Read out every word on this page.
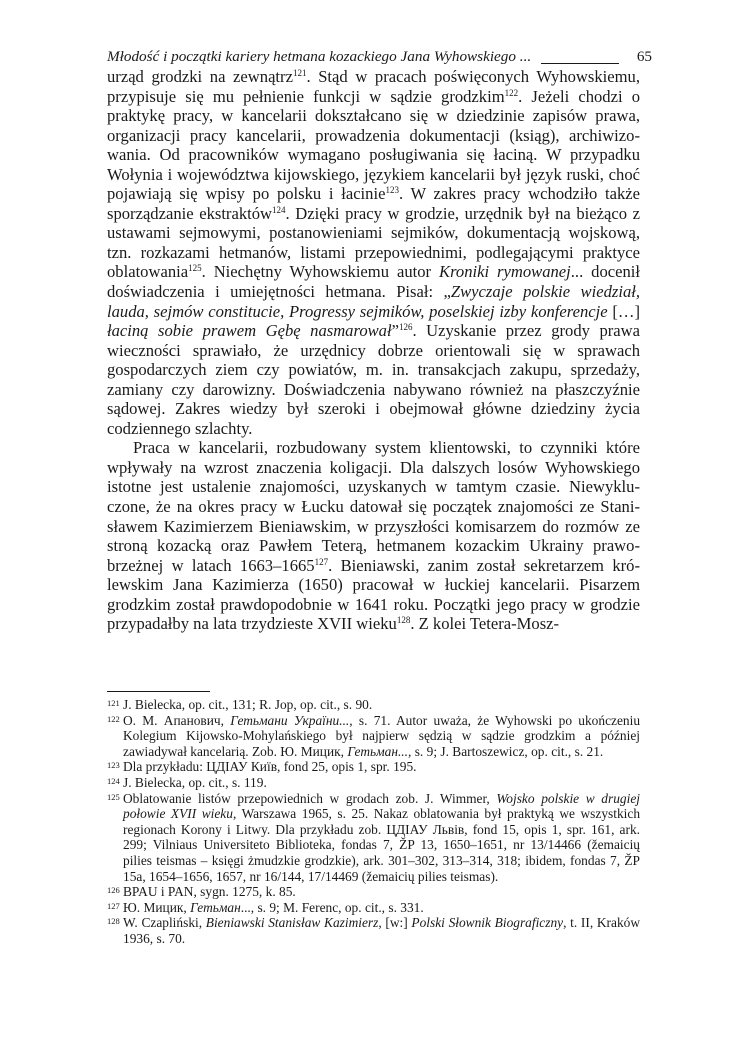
Młodość i początki kariery hetmana kozackiego Jana Wyhowskiego ...	65

urząd grodzki na zewnątrz$^{121}$. Stąd w pracach poświęconych Wyhowskiemu, przypisuje się mu pełnienie funkcji w sądzie grodzkim$^{122}$. Jeżeli chodzi o praktykę pracy, w kancelarii dokształcano się w dziedzinie zapisów prawa, organizacji pracy kancelarii, prowadzenia dokumentacji (ksiąg), archiwizowania. Od pracowników wymagano posługiwania się łaciną. W przypadku Wołynia i województwa kijowskiego, językiem kancelarii był język ruski, choć pojawiają się wpisy po polsku i łacinie$^{123}$. W zakres pracy wchodziło także sporządzanie ekstraktów$^{124}$. Dzięki pracy w grodzie, urzędnik był na bieżąco z ustawami sejmowymi, postanowieniami sejmików, dokumentacją wojskową, tzn. rozkazami hetmanów, listami przepowiednimi, podlegającymi praktyce oblatowania$^{125}$. Niechętny Wyhowskiemu autor Kroniki rymowanej... docenił doświadczenia i umiejętności hetmana. Pisał: „Zwyczaje polskie wiedział, lauda, sejmów constitucie, Progressy sejmików, poselskiej izby konferencje […] łaciną sobie prawem Gębę nasmarował”$^{126}$. Uzyskanie przez grody prawa wieczności sprawiało, że urzędnicy dobrze orientowali się w sprawach gospodarczych ziem czy powiatów, m. in. transakcjach zakupu, sprzedaży, zamiany czy darowizny. Doświadczenia nabywano również na płaszczyźnie sądowej. Zakres wiedzy był szeroki i obejmował główne dziedziny życia codziennego szlachty.

Praca w kancelarii, rozbudowany system klientowski, to czynniki które wpływały na wzrost znaczenia koligacji. Dla dalszych losów Wyhowskiego istotne jest ustalenie znajomości, uzyskanych w tamtym czasie. Niewykluczone, że na okres pracy w Łucku datował się początek znajomości ze Stanisławem Kazimierzem Bieniawskim, w przyszłości komisarzem do rozmów ze stroną kozacką oraz Pawłem Teterą, hetmanem kozackim Ukrainy prawobrzeżnej w latach 1663–1665$^{127}$. Bieniawski, zanim został sekretarzem królewskim Jana Kazimierza (1650) pracował w łuckiej kancelarii. Pisarzem grodzkim został prawdopodobnie w 1641 roku. Początki jego pracy w grodzie przypadałby na lata trzydzieste XVII wieku$^{128}$. Z kolei Tetera-Mosz-

121 J. Bielecka, op. cit., 131; R. Jop, op. cit., s. 90.

122 О. М. Апанович, Гетьмани України..., s. 71. Autor uważa, że Wyhowski po ukończeniu Kolegium Kijowsko-Mohylańskiego był najpierw sędzią w sądzie grodzkim a później zawiadywał kancelarią. Zob. Ю. Мицик, Гетьман..., s. 9; J. Bartoszewicz, op. cit., s. 21.

123 Dla przykładu: ЦДІАУ Київ, fond 25, opis 1, spr. 195.

124 J. Bielecka, op. cit., s. 119.

125 Oblatowanie listów przepowiednich w grodach zob. J. Wimmer, Wojsko polskie w drugiej połowie XVII wieku, Warszawa 1965, s. 25. Nakaz oblatowania był praktyką we wszystkich regionach Korony i Litwy. Dla przykładu zob. ЦДІАУ Львів, fond 15, opis 1, spr. 161, ark. 299; Vilniaus Universiteto Biblioteka, fondas 7, ŽP 13, 1650–1651, nr 13/14466 (žemaicių pilies teismas – księgi żmudzkie grodzkie), ark. 301–302, 313–314, 318; ibidem, fondas 7, ŽP 15a, 1654–1656, 1657, nr 16/144, 17/14469 (žemaicių pilies teismas).

126 BPAU i PAN, sygn. 1275, k. 85.

127 Ю. Мицик, Гетьман..., s. 9; M. Ferenc, op. cit., s. 331.

128 W. Czapliński, Bieniawski Stanisław Kazimierz, [w:] Polski Słownik Biograficzny, t. II, Kraków 1936, s. 70.
